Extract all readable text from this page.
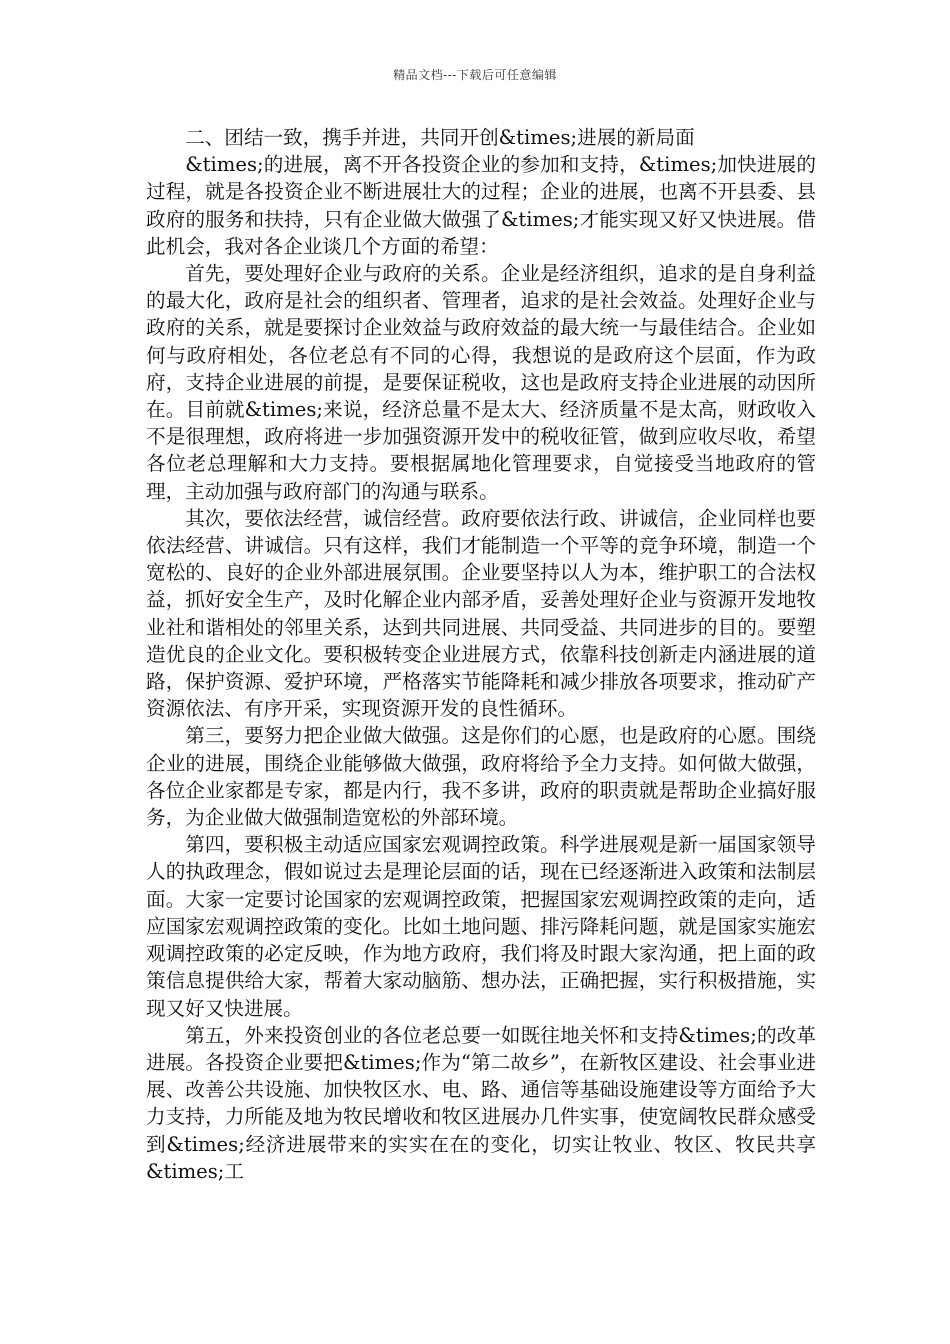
精品文档---下载后可任意编辑

二、团结一致，携手并进，共同开创&times;进展的新局面

&times;的进展，离不开各投资企业的参加和支持，&times;加快进展的过程，就是各投资企业不断进展壮大的过程；企业的进展，也离不开县委、县政府的服务和扶持，只有企业做大做强了&times;才能实现又好又快进展。借此机会，我对各企业谈几个方面的希望：

首先，要处理好企业与政府的关系。企业是经济组织，追求的是自身利益的最大化，政府是社会的组织者、管理者，追求的是社会效益。处理好企业与政府的关系，就是要探讨企业效益与政府效益的最大统一与最佳结合。企业如何与政府相处，各位老总有不同的心得，我想说的是政府这个层面，作为政府，支持企业进展的前提，是要保证税收，这也是政府支持企业进展的动因所在。目前就&times;来说，经济总量不是太大、经济质量不是太高，财政收入不是很理想，政府将进一步加强资源开发中的税收征管，做到应收尽收，希望各位老总理解和大力支持。要根据属地化管理要求，自觉接受当地政府的管理，主动加强与政府部门的沟通与联系。

其次，要依法经营，诚信经营。政府要依法行政、讲诚信，企业同样也要依法经营、讲诚信。只有这样，我们才能制造一个平等的竞争环境，制造一个宽松的、良好的企业外部进展氛围。企业要坚持以人为本，维护职工的合法权益，抓好安全生产，及时化解企业内部矛盾，妥善处理好企业与资源开发地牧业社和谐相处的邻里关系，达到共同进展、共同受益、共同进步的目的。要塑造优良的企业文化。要积极转变企业进展方式，依靠科技创新走内涵进展的道路，保护资源、爱护环境，严格落实节能降耗和减少排放各项要求，推动矿产资源依法、有序开采，实现资源开发的良性循环。

第三，要努力把企业做大做强。这是你们的心愿，也是政府的心愿。围绕企业的进展，围绕企业能够做大做强，政府将给予全力支持。如何做大做强，各位企业家都是专家，都是内行，我不多讲，政府的职责就是帮助企业搞好服务，为企业做大做强制造宽松的外部环境。

第四，要积极主动适应国家宏观调控政策。科学进展观是新一届国家领导人的执政理念，假如说过去是理论层面的话，现在已经逐渐进入政策和法制层面。大家一定要讨论国家的宏观调控政策，把握国家宏观调控政策的走向，适应国家宏观调控政策的变化。比如土地问题、排污降耗问题，就是国家实施宏观调控政策的必定反映，作为地方政府，我们将及时跟大家沟通，把上面的政策信息提供给大家，帮着大家动脑筋、想办法，正确把握，实行积极措施，实现又好又快进展。

第五，外来投资创业的各位老总要一如既往地关怀和支持&times;的改革进展。各投资企业要把&times;作为“第二故乡”，在新牧区建设、社会事业进展、改善公共设施、加快牧区水、电、路、通信等基础设施建设等方面给予大力支持，力所能及地为牧民增收和牧区进展办几件实事，使宽阔牧民群众感受到&times;经济进展带来的实实在在的变化，切实让牧业、牧区、牧民共享&times;工
